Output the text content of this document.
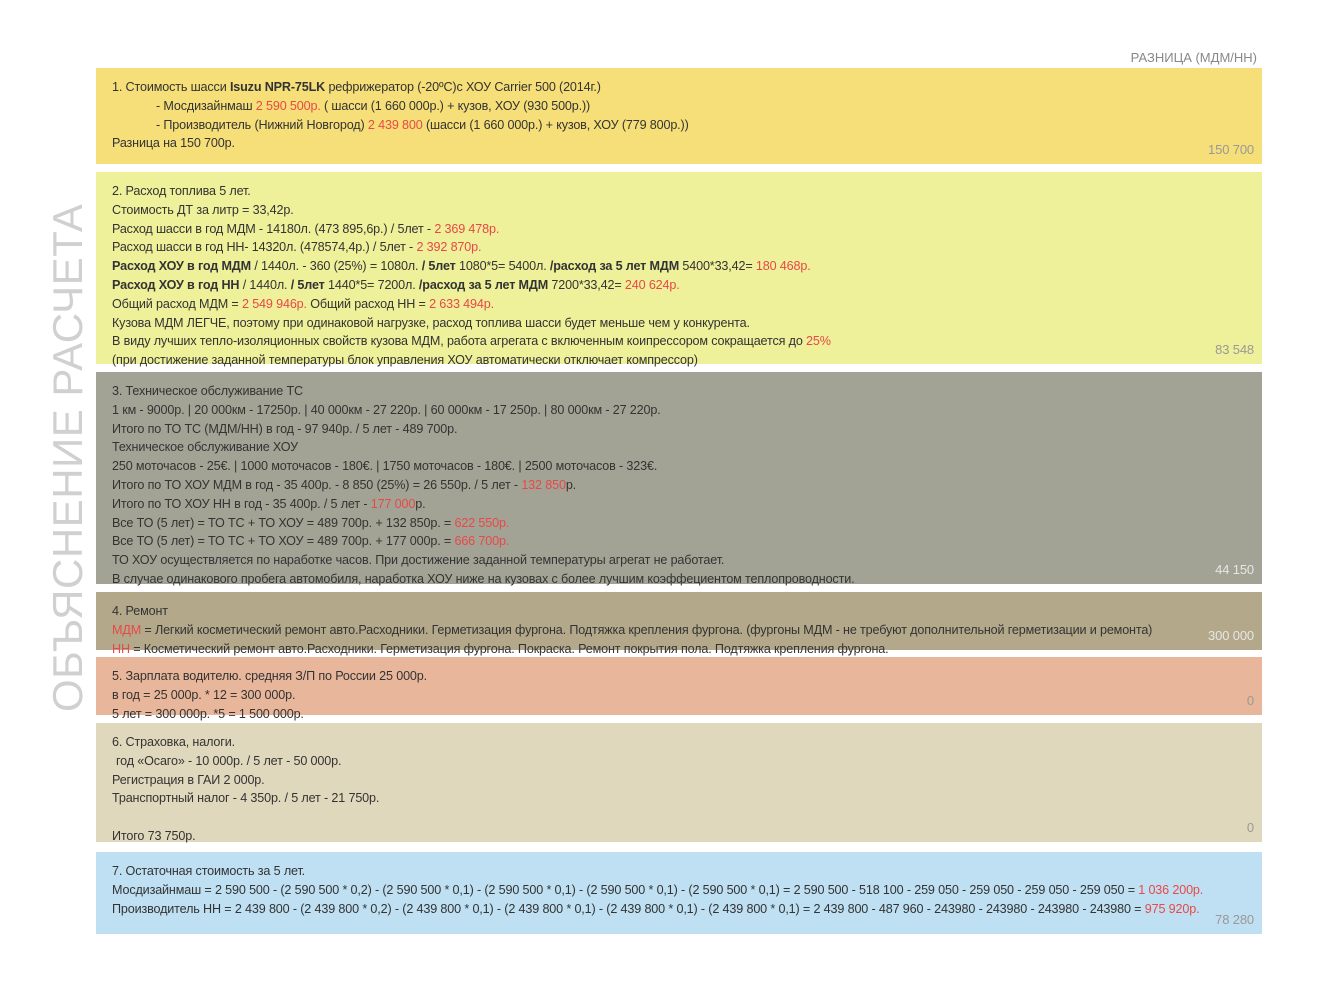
ОБЪЯСНЕНИЕ РАСЧЕТА
РАЗНИЦА (МДМ/НН)
1. Стоимость шасси Isuzu NPR-75LK рефрижератор (-20ºC)с ХОУ Carrier 500 (2014г.)
- Мосдизайнмаш 2 590 500р. ( шасси (1 660 000р.) + кузов, ХОУ (930 500р.))
- Производитель (Нижний Новгород) 2 439 800 (шасси (1 660 000р.) + кузов, ХОУ (779 800р.))
Разница на 150 700р.	150 700
2. Расход топлива 5 лет.
Стоимость ДТ за литр = 33,42р.
Расход шасси в год МДМ - 14180л. (473 895,6р.) / 5лет - 2 369 478р.
Расход шасси в год НН- 14320л. (478574,4р.) / 5лет - 2 392 870р.
Расход ХОУ в год МДМ / 1440л. - 360 (25%) = 1080л. / 5лет 1080*5= 5400л. /расход за 5 лет МДМ 5400*33,42= 180 468р.
Расход ХОУ в год НН / 1440л. / 5лет 1440*5= 7200л. /расход за 5 лет МДМ 7200*33,42= 240 624р.
Общий расход МДМ = 2 549 946р. Общий расход НН = 2 633 494р.
Кузова МДМ ЛЕГЧЕ, поэтому при одинаковой нагрузке, расход топлива шасси будет меньше чем у конкурента.
В виду лучших тепло-изоляционных свойств кузова МДМ, работа агрегата с включенным коипрессором сокращается до 25%
(при достижение заданной температуры блок управления ХОУ автоматически отключает компрессор)
83 548
3. Техническое обслуживание ТС
1 км - 9000р. | 20 000км - 17250р. | 40 000км - 27 220р. | 60 000км - 17 250р. | 80 000км - 27 220р.
Итого по ТО ТС (МДМ/НН) в год - 97 940р. / 5 лет - 489 700р.
Техническое обслуживание ХОУ
250 моточасов - 25€. | 1000 моточасов - 180€. | 1750 моточасов - 180€. | 2500 моточасов - 323€.
Итого по ТО ХОУ МДМ в год - 35 400р. - 8 850 (25%) = 26 550р. / 5 лет - 132 850р.
Итого по ТО ХОУ НН в год - 35 400р. / 5 лет - 177 000р.
Все ТО (5 лет) = ТО ТС + ТО ХОУ = 489 700р. + 132 850р. = 622 550р.
Все ТО (5 лет) = ТО ТС + ТО ХОУ = 489 700р. + 177 000р. = 666 700р.
ТО ХОУ осуществляется по наработке часов. При достижение заданной температуры агрегат не работает.
В случае одинакового пробега автомобиля, наработка ХОУ ниже на кузовах с более лучшим коэффециентом теплопроводности.
44 150
4. Ремонт
МДМ = Легкий косметический ремонт авто.Расходники. Герметизация фургона. Подтяжка крепления фургона. (фургоны МДМ - не требуют дополнительной герметизации и ремонта)
НН = Косметический ремонт авто.Расходники. Герметизация фургона. Покраска. Ремонт покрытия пола. Подтяжка крепления фургона.
300 000
5. Зарплата водителю. средняя З/П по России 25 000р.
в год = 25 000р. * 12 = 300 000р.
5 лет = 300 000р. *5 = 1 500 000р.
0
6. Страховка, налоги.
год «Осаго» - 10 000р. / 5 лет - 50 000р.
Регистрация в ГАИ 2 000р.
Транспортный налог - 4 350р. / 5 лет - 21 750р.
Итого 73 750р.
0
7. Остаточная стоимость за 5 лет.
Мосдизайнмаш = 2 590 500 - (2 590 500 * 0,2) - (2 590 500 * 0,1) - (2 590 500 * 0,1) - (2 590 500 * 0,1) - (2 590 500 * 0,1) = 2 590 500 - 518 100 - 259 050 - 259 050 - 259 050 - 259 050 = 1 036 200р.
Производитель НН = 2 439 800 - (2 439 800 * 0,2) - (2 439 800 * 0,1) - (2 439 800 * 0,1) - (2 439 800 * 0,1) - (2 439 800 * 0,1) = 2 439 800 - 487 960 - 243980 - 243980 - 243980 - 243980 = 975 920р.
78 280
